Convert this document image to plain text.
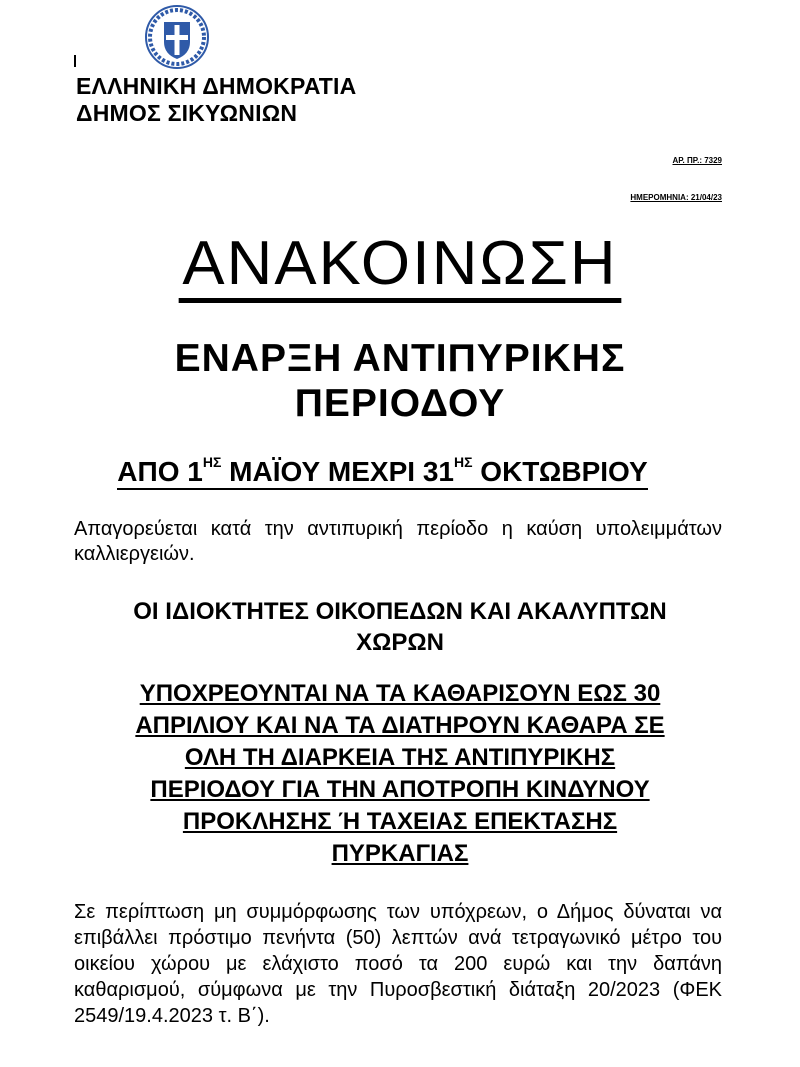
ΕΛΛΗΝΙΚΗ ΔΗΜΟΚΡΑΤΙΑ
ΔΗΜΟΣ ΣΙΚΥΩΝΙΩΝ
ΑΡ. ΠΡ.: 7329
ΗΜΕΡΟΜΗΝΙΑ: 21/04/23
ΑΝΑΚΟΙΝΩΣΗ
ΕΝΑΡΞΗ ΑΝΤΙΠΥΡΙΚΗΣ
ΠΕΡΙΟΔΟΥ
ΑΠΟ $1^{H\Sigma}$ ΜΑΪΟΥ ΜΕΧΡΙ $31^{H\Sigma}$ ΟΚΤΩΒΡΙΟΥ
Απαγορεύεται κατά την αντιπυρική περίοδο η καύση υπολειμμάτων καλλιεργειών.
ΟΙ ΙΔΙΟΚΤΗΤΕΣ ΟΙΚΟΠΕΔΩΝ ΚΑΙ ΑΚΑΛΥΠΤΩΝ
ΧΩΡΩΝ
ΥΠΟΧΡΕΟΥΝΤΑΙ ΝΑ ΤΑ ΚΑΘΑΡΙΣΟΥΝ ΕΩΣ 30
ΑΠΡΙΛΙΟΥ ΚΑΙ ΝΑ ΤΑ ΔΙΑΤΗΡΟΥΝ ΚΑΘΑΡΑ ΣΕ
ΟΛΗ ΤΗ ΔΙΑΡΚΕΙΑ ΤΗΣ ΑΝΤΙΠΥΡΙΚΗΣ
ΠΕΡΙΟΔΟΥ ΓΙΑ ΤΗΝ ΑΠΟΤΡΟΠΗ ΚΙΝΔΥΝΟΥ
ΠΡΟΚΛΗΣΗΣ Ή ΤΑΧΕΙΑΣ ΕΠΕΚΤΑΣΗΣ
ΠΥΡΚΑΓΙΑΣ
Σε περίπτωση μη συμμόρφωσης των υπόχρεων, ο Δήμος δύναται να επιβάλλει πρόστιμο πενήντα (50) λεπτών ανά τετραγωνικό μέτρο του οικείου χώρου με ελάχιστο ποσό τα 200 ευρώ και την δαπάνη καθαρισμού, σύμφωνα με την Πυροσβεστική διάταξη 20/2023 (ΦΕΚ 2549/19.4.2023 τ. Β΄).
